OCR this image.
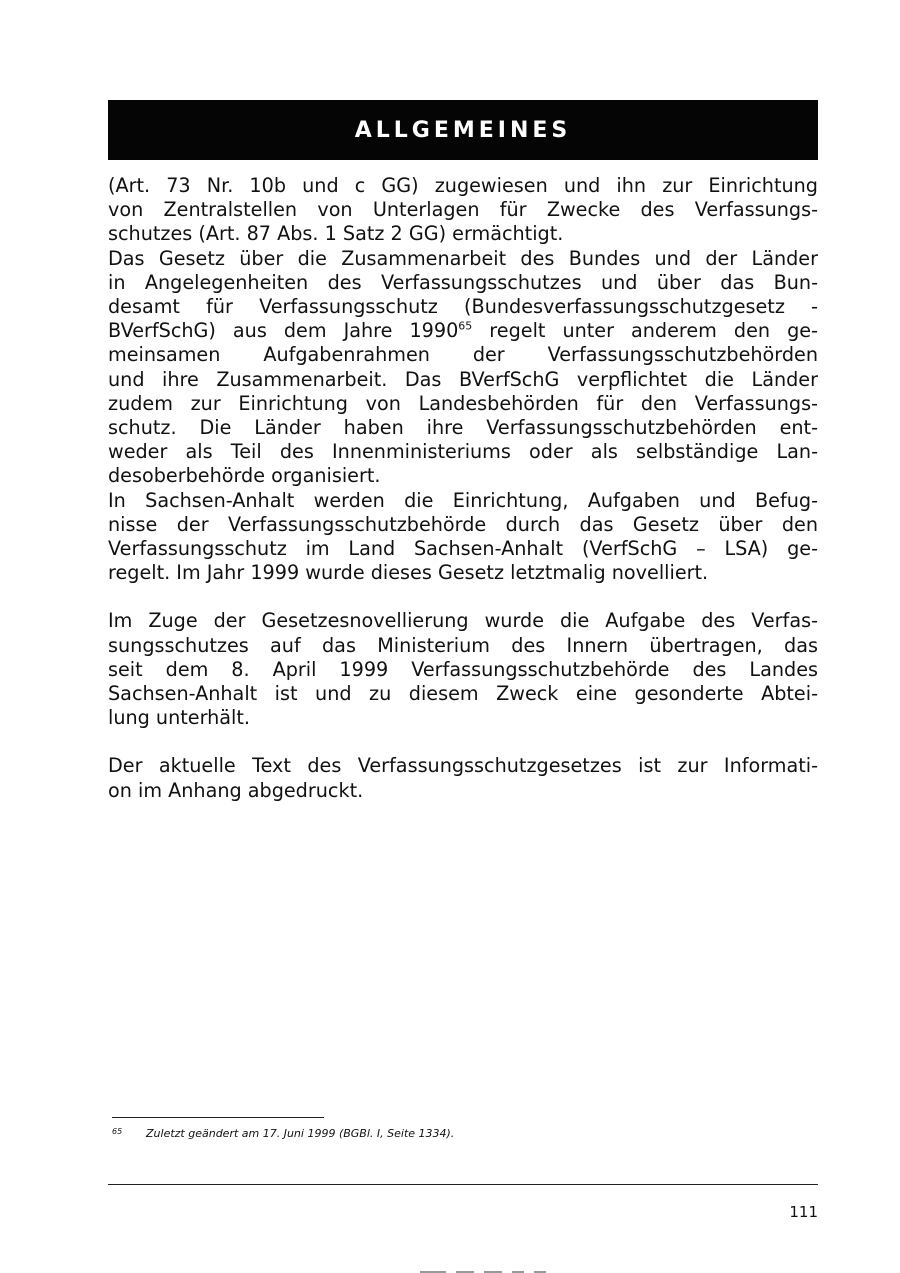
ALLGEMEINES

(Art. 73 Nr. 10b und c GG) zugewiesen und ihn zur Einrichtung
von Zentralstellen von Unterlagen für Zwecke des Verfassungs-
schutzes (Art. 87 Abs. 1 Satz 2 GG) ermächtigt.

Das Gesetz über die Zusammenarbeit des Bundes und der Länder
in Angelegenheiten des Verfassungsschutzes und über das Bun-
desamt für Verfassungsschutz (Bundesverfassungsschutzgesetz -
BVerfSchG) aus dem Jahre 1990$^{65}$ regelt unter anderem den ge-
meinsamen Aufgabenrahmen der Verfassungsschutzbehörden
und ihre Zusammenarbeit. Das BVerfSchG verpflichtet die Länder
zudem zur Einrichtung von Landesbehörden für den Verfassungs-
schutz. Die Länder haben ihre Verfassungsschutzbehörden ent-
weder als Teil des Innenministeriums oder als selbständige Lan-
desoberbehörde organisiert.

In Sachsen-Anhalt werden die Einrichtung, Aufgaben und Befug-
nisse der Verfassungsschutzbehörde durch das Gesetz über den
Verfassungsschutz im Land Sachsen-Anhalt (VerfSchG – LSA) ge-
regelt. Im Jahr 1999 wurde dieses Gesetz letztmalig novelliert.

Im Zuge der Gesetzesnovellierung wurde die Aufgabe des Verfas-
sungsschutzes auf das Ministerium des Innern übertragen, das
seit dem 8. April 1999 Verfassungsschutzbehörde des Landes
Sachsen-Anhalt ist und zu diesem Zweck eine gesonderte Abtei-
lung unterhält.

Der aktuelle Text des Verfassungsschutzgesetzes ist zur Informati-
on im Anhang abgedruckt.

65 Zuletzt geändert am 17. Juni 1999 (BGBl. I, Seite 1334).
111
